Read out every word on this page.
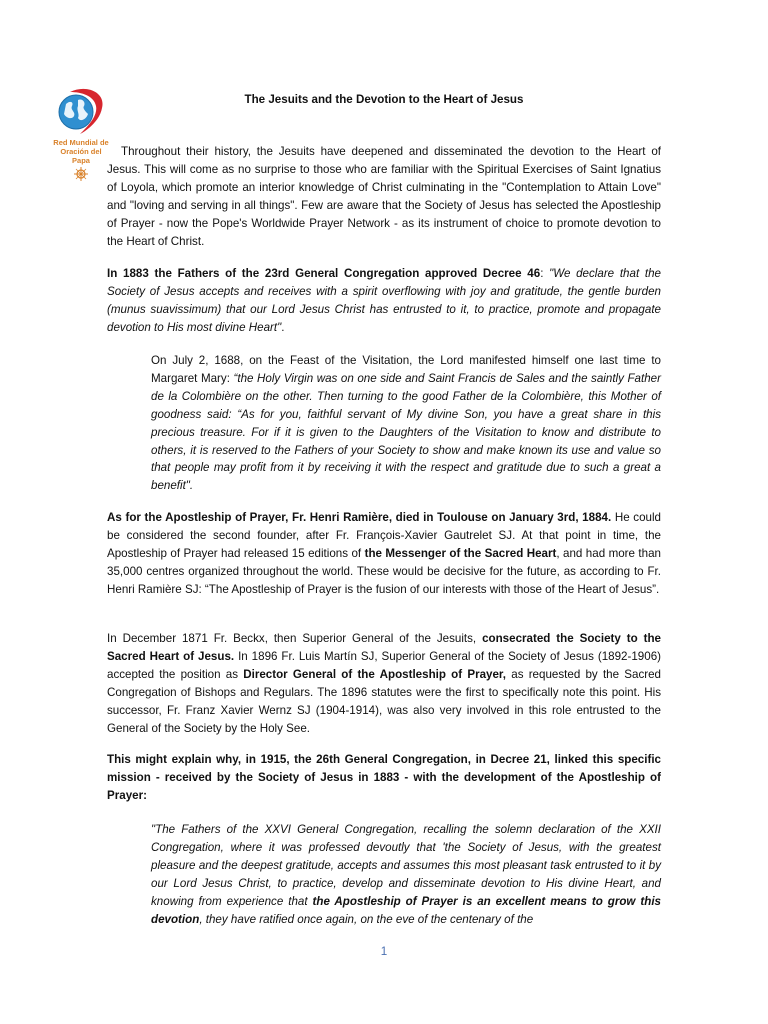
Red Mundial de
Oración del Papa
The Jesuits and the Devotion to the Heart of Jesus

Throughout their history, the Jesuits have deepened and disseminated the devotion to the Heart of Jesus. This will come as no surprise to those who are familiar with the Spiritual Exercises of Saint Ignatius of Loyola, which promote an interior knowledge of Christ culminating in the "Contemplation to Attain Love" and "loving and serving in all things". Few are aware that the Society of Jesus has selected the Apostleship of Prayer - now the Pope's Worldwide Prayer Network - as its instrument of choice to promote devotion to the Heart of Christ.

In 1883 the Fathers of the 23rd General Congregation approved Decree 46: "We declare that the Society of Jesus accepts and receives with a spirit overflowing with joy and gratitude, the gentle burden (munus suavissimum) that our Lord Jesus Christ has entrusted to it, to practice, promote and propagate devotion to His most divine Heart".

On July 2, 1688, on the Feast of the Visitation, the Lord manifested himself one last time to Margaret Mary: “the Holy Virgin was on one side and Saint Francis de Sales and the saintly Father de la Colombière on the other. Then turning to the good Father de la Colombière, this Mother of goodness said: “As for you, faithful servant of My divine Son, you have a great share in this precious treasure. For if it is given to the Daughters of the Visitation to know and distribute to others, it is reserved to the Fathers of your Society to show and make known its use and value so that people may profit from it by receiving it with the respect and gratitude due to such a great a benefit".

As for the Apostleship of Prayer, Fr. Henri Ramière, died in Toulouse on January 3rd, 1884. He could be considered the second founder, after Fr. François-Xavier Gautrelet SJ. At that point in time, the Apostleship of Prayer had released 15 editions of the Messenger of the Sacred Heart, and had more than 35,000 centres organized throughout the world. These would be decisive for the future, as according to Fr. Henri Ramière SJ: “The Apostleship of Prayer is the fusion of our interests with those of the Heart of Jesus”.

In December 1871 Fr. Beckx, then Superior General of the Jesuits, consecrated the Society to the Sacred Heart of Jesus. In 1896 Fr. Luis Martín SJ, Superior General of the Society of Jesus (1892-1906) accepted the position as Director General of the Apostleship of Prayer, as requested by the Sacred Congregation of Bishops and Regulars. The 1896 statutes were the first to specifically note this point. His successor, Fr. Franz Xavier Wernz SJ (1904-1914), was also very involved in this role entrusted to the General of the Society by the Holy See.

This might explain why, in 1915, the 26th General Congregation, in Decree 21, linked this specific mission - received by the Society of Jesus in 1883 - with the development of the Apostleship of Prayer:

"The Fathers of the XXVI General Congregation, recalling the solemn declaration of the XXII Congregation, where it was professed devoutly that 'the Society of Jesus, with the greatest pleasure and the deepest gratitude, accepts and assumes this most pleasant task entrusted to it by our Lord Jesus Christ, to practice, develop and disseminate devotion to His divine Heart, and knowing from experience that the Apostleship of Prayer is an excellent means to grow this devotion, they have ratified once again, on the eve of the centenary of the

1
